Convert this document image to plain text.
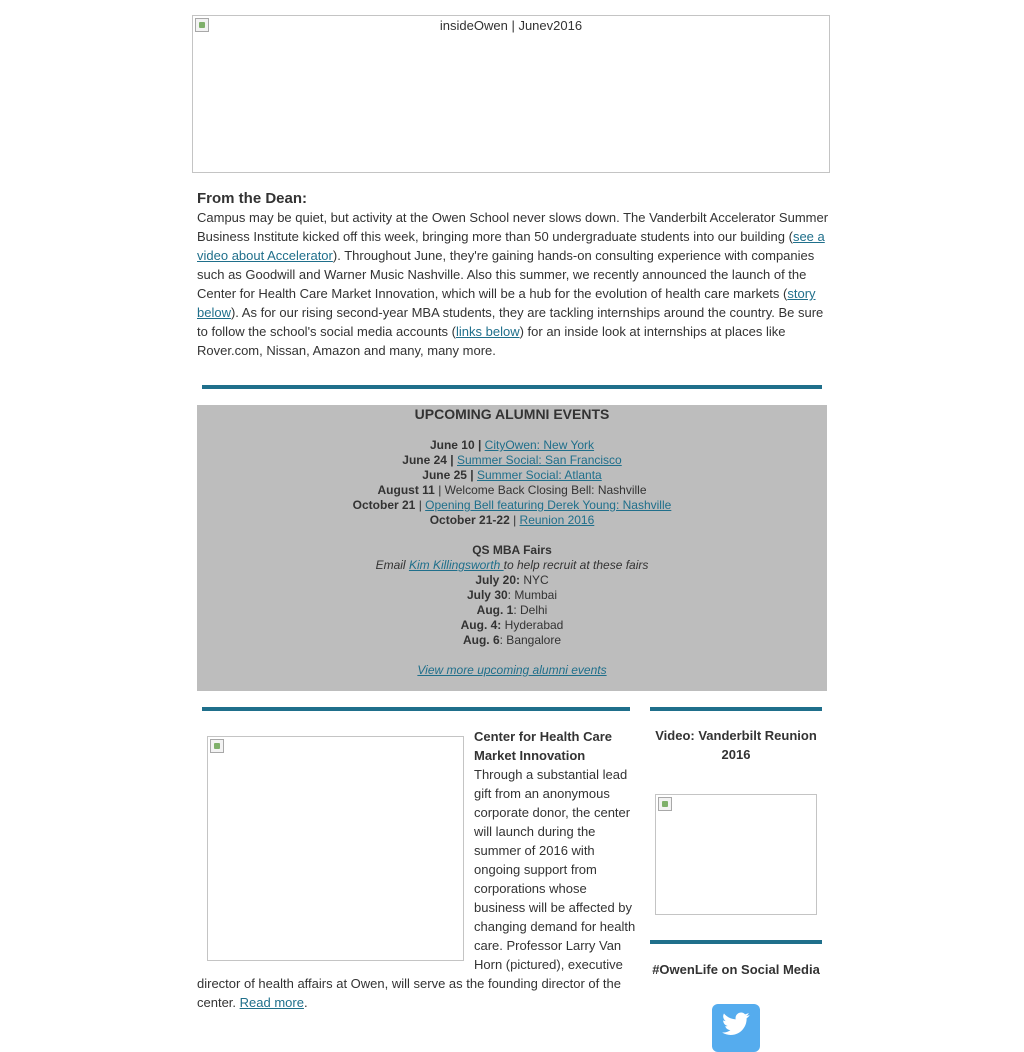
insideOwen | Junev2016
From the Dean:
Campus may be quiet, but activity at the Owen School never slows down. The Vanderbilt Accelerator Summer Business Institute kicked off this week, bringing more than 50 undergraduate students into our building (see a video about Accelerator). Throughout June, they're gaining hands-on consulting experience with companies such as Goodwill and Warner Music Nashville. Also this summer, we recently announced the launch of the Center for Health Care Market Innovation, which will be a hub for the evolution of health care markets (story below). As for our rising second-year MBA students, they are tackling internships around the country. Be sure to follow the school's social media accounts (links below) for an inside look at internships at places like Rover.com, Nissan, Amazon and many, many more.
UPCOMING ALUMNI EVENTS
June 10 | CityOwen: New York
June 24 | Summer Social: San Francisco
June 25 | Summer Social: Atlanta
August 11 | Welcome Back Closing Bell: Nashville
October 21 | Opening Bell featuring Derek Young: Nashville
October 21-22 | Reunion 2016
QS MBA Fairs
Email Kim Killingsworth to help recruit at these fairs
July 20: NYC
July 30: Mumbai
Aug. 1: Delhi
Aug. 4: Hyderabad
Aug. 6: Bangalore
View more upcoming alumni events
Center for Health Care Market Innovation
Through a substantial lead gift from an anonymous corporate donor, the center will launch during the summer of 2016 with ongoing support from corporations whose business will be affected by changing demand for health care. Professor Larry Van Horn (pictured), executive director of health affairs at Owen, will serve as the founding director of the center. Read more.
Video: Vanderbilt Reunion 2016
#OwenLife on Social Media
